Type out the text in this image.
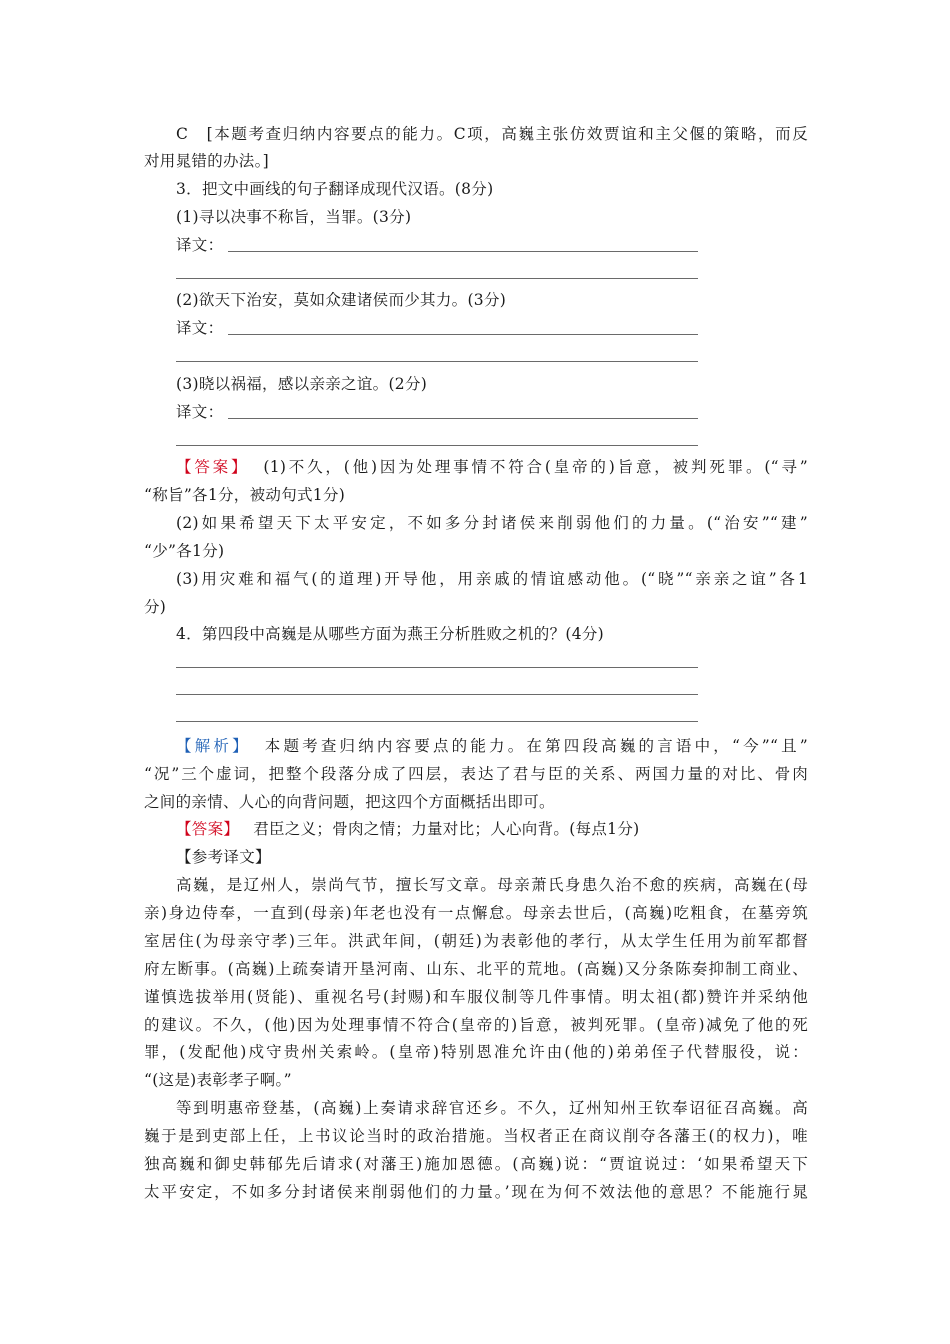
C　[本题考查归纳内容要点的能力。C项，高巍主张仿效贾谊和主父偃的策略，而反
对用晁错的办法。]
3．把文中画线的句子翻译成现代汉语。(8分)
(1)寻以决事不称旨，当罪。(3分)
译文：
(2)欲天下治安，莫如众建诸侯而少其力。(3分)
译文：
(3)晓以祸福，感以亲亲之谊。(2分)
译文：
【答案】 (1)不久，(他)因为处理事情不符合(皇帝的)旨意，被判死罪。(“寻”
“称旨”各1分，被动句式1分)
(2)如果希望天下太平安定，不如多分封诸侯来削弱他们的力量。(“治安”“建”
“少”各1分)
(3)用灾难和福气(的道理)开导他，用亲戚的情谊感动他。(“晓”“亲亲之谊”各1
分)
4．第四段中高巍是从哪些方面为燕王分析胜败之机的？(4分)
【解析】 本题考查归纳内容要点的能力。在第四段高巍的言语中，“今”“且”
“况”三个虚词，把整个段落分成了四层，表达了君与臣的关系、两国力量的对比、骨肉
之间的亲情、人心的向背问题，把这四个方面概括出即可。
【答案】 君臣之义；骨肉之情；力量对比；人心向背。(每点1分)
【参考译文】
高巍，是辽州人，崇尚气节，擅长写文章。母亲萧氏身患久治不愈的疾病，高巍在(母
亲)身边侍奉，一直到(母亲)年老也没有一点懈怠。母亲去世后，(高巍)吃粗食，在墓旁筑
室居住(为母亲守孝)三年。洪武年间，(朝廷)为表彰他的孝行，从太学生任用为前军都督
府左断事。(高巍)上疏奏请开垦河南、山东、北平的荒地。(高巍)又分条陈奏抑制工商业、
谨慎选拔举用(贤能)、重视名号(封赐)和车服仪制等几件事情。明太祖(都)赞许并采纳他
的建议。不久，(他)因为处理事情不符合(皇帝的)旨意，被判死罪。(皇帝)减免了他的死
罪，(发配他)戍守贵州关索岭。(皇帝)特别恩准允许由(他的)弟弟侄子代替服役，说：
“(这是)表彰孝子啊。”
等到明惠帝登基，(高巍)上奏请求辞官还乡。不久，辽州知州王钦奉诏征召高巍。高
巍于是到吏部上任，上书议论当时的政治措施。当权者正在商议削夺各藩王(的权力)，唯
独高巍和御史韩郁先后请求(对藩王)施加恩德。(高巍)说：“贾谊说过：‘如果希望天下
太平安定，不如多分封诸侯来削弱他们的力量。’现在为何不效法他的意思？不能施行晁
